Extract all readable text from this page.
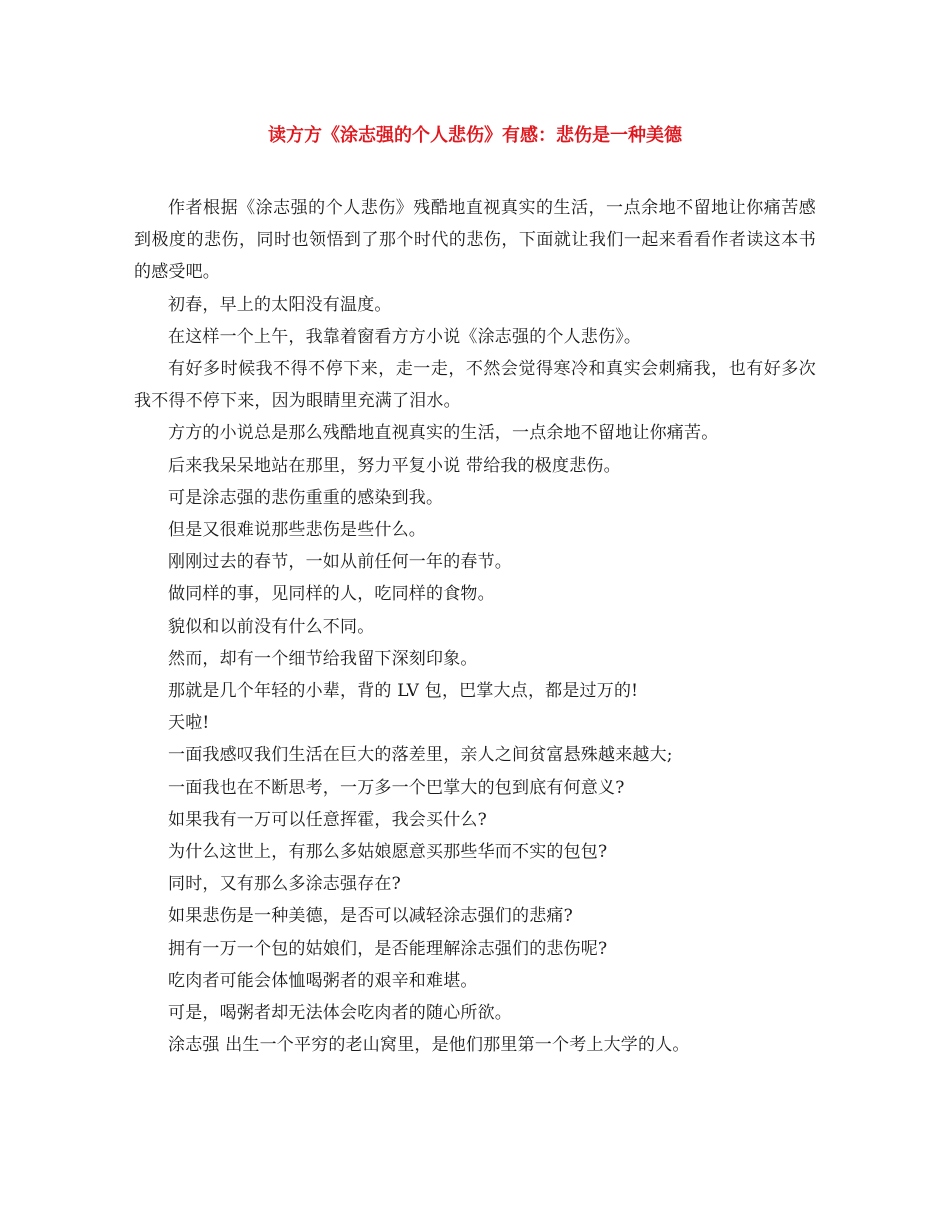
读方方《涂志强的个人悲伤》有感：悲伤是一种美德

作者根据《涂志强的个人悲伤》残酷地直视真实的生活，一点余地不留地让你痛苦感到极度的悲伤，同时也领悟到了那个时代的悲伤，下面就让我们一起来看看作者读这本书的感受吧。

初春，早上的太阳没有温度。

在这样一个上午，我靠着窗看方方小说《涂志强的个人悲伤》。

有好多时候我不得不停下来，走一走，不然会觉得寒冷和真实会刺痛我，也有好多次我不得不停下来，因为眼睛里充满了泪水。

方方的小说总是那么残酷地直视真实的生活，一点余地不留地让你痛苦。

后来我呆呆地站在那里，努力平复小说 带给我的极度悲伤。

可是涂志强的悲伤重重的感染到我。

但是又很难说那些悲伤是些什么。

刚刚过去的春节，一如从前任何一年的春节。

做同样的事，见同样的人，吃同样的食物。

貌似和以前没有什么不同。

然而，却有一个细节给我留下深刻印象。

那就是几个年轻的小辈，背的 LV 包，巴掌大点，都是过万的!

天啦!

一面我感叹我们生活在巨大的落差里，亲人之间贫富悬殊越来越大;

一面我也在不断思考，一万多一个巴掌大的包到底有何意义?

如果我有一万可以任意挥霍，我会买什么?

为什么这世上，有那么多姑娘愿意买那些华而不实的包包?

同时，又有那么多涂志强存在?

如果悲伤是一种美德，是否可以减轻涂志强们的悲痛?

拥有一万一个包的姑娘们，是否能理解涂志强们的悲伤呢?

吃肉者可能会体恤喝粥者的艰辛和难堪。

可是，喝粥者却无法体会吃肉者的随心所欲。

涂志强 出生一个平穷的老山窝里，是他们那里第一个考上大学的人。
